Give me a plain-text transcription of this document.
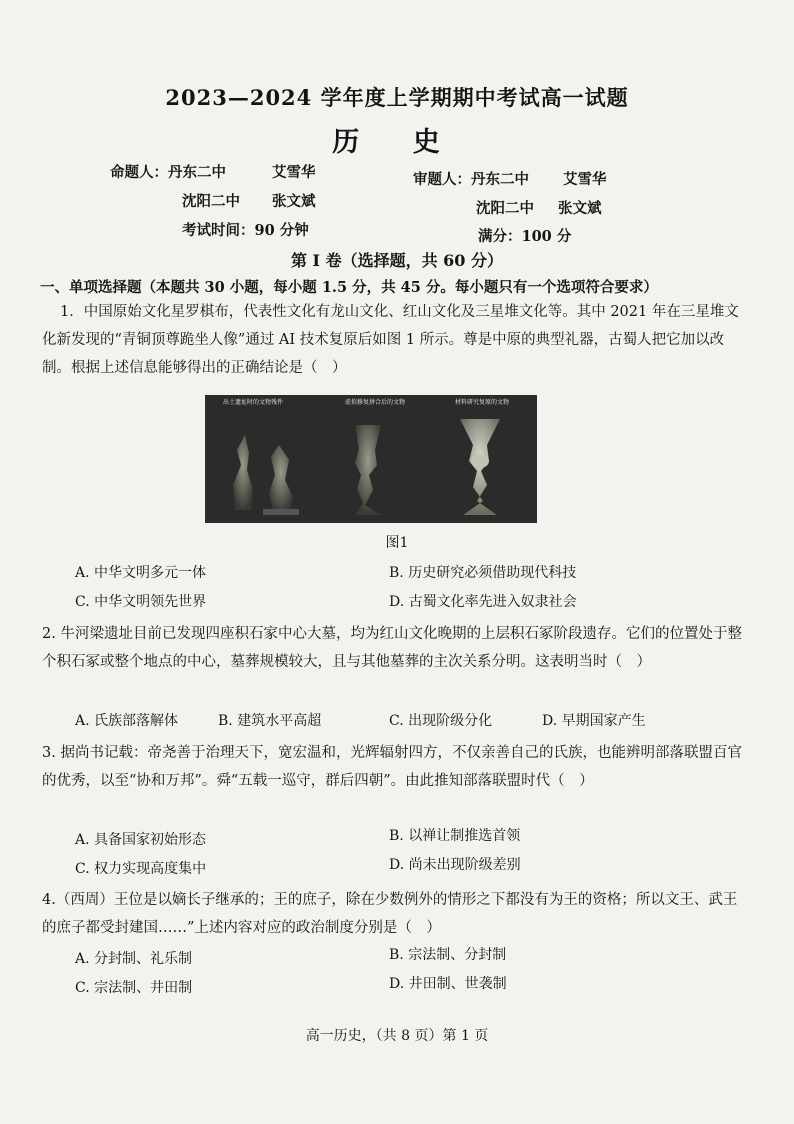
2023—2024 学年度上学期期中考试高一试题
历 史
命题人：丹东二中	艾雪华
沈阳二中 张文斌
审题人：丹东二中 艾雪华
沈阳二中 张文斌
考试时间：90 分钟	满分：100 分
第 Ⅰ 卷（选择题，共 60 分）
一、单项选择题（本题共 30 小题，每小题 1.5 分，共 45 分。每小题只有一个选项符合要求）
1．中国原始文化星罗棋布，代表性文化有龙山文化、红山文化及三星堆文化等。其中 2021 年在三星堆文化新发现的“青铜顶尊跪坐人像”通过 AI 技术复原后如图 1 所示。尊是中原的典型礼器，古蜀人把它加以改制。根据上述信息能够得出的正确结论是（　）
出土遗址时的文物残件	虚拟修复拼合后的文物	材料研究复原的文物
图1
A. 中华文明多元一体	B. 历史研究必须借助现代科技
C. 中华文明领先世界	D. 古蜀文化率先进入奴隶社会
2. 牛河梁遗址目前已发现四座积石家中心大墓，均为红山文化晚期的上层积石冢阶段遗存。它们的位置处于整个积石冢或整个地点的中心，墓葬规模较大，且与其他墓葬的主次关系分明。这表明当时（　）
A. 氏族部落解体	B. 建筑水平高超	C. 出现阶级分化	D. 早期国家产生
3. 据尚书记载：帝尧善于治理天下，宽宏温和，光辉辐射四方，不仅亲善自己的氏族，也能辨明部落联盟百官的优秀，以至“协和万邦”。舜“五载一巡守，群后四朝”。由此推知部落联盟时代（　）
A. 具备国家初始形态	B. 以禅让制推选首领
C. 权力实现高度集中	D. 尚未出现阶级差别
4.（西周）王位是以嫡长子继承的；王的庶子，除在少数例外的情形之下都没有为王的资格；所以文王、武王的庶子都受封建国……”上述内容对应的政治制度分别是（　）
A. 分封制、礼乐制	B. 宗法制、分封制
C. 宗法制、井田制	D. 井田制、世袭制
高一历史，（共 8 页）第 1 页
